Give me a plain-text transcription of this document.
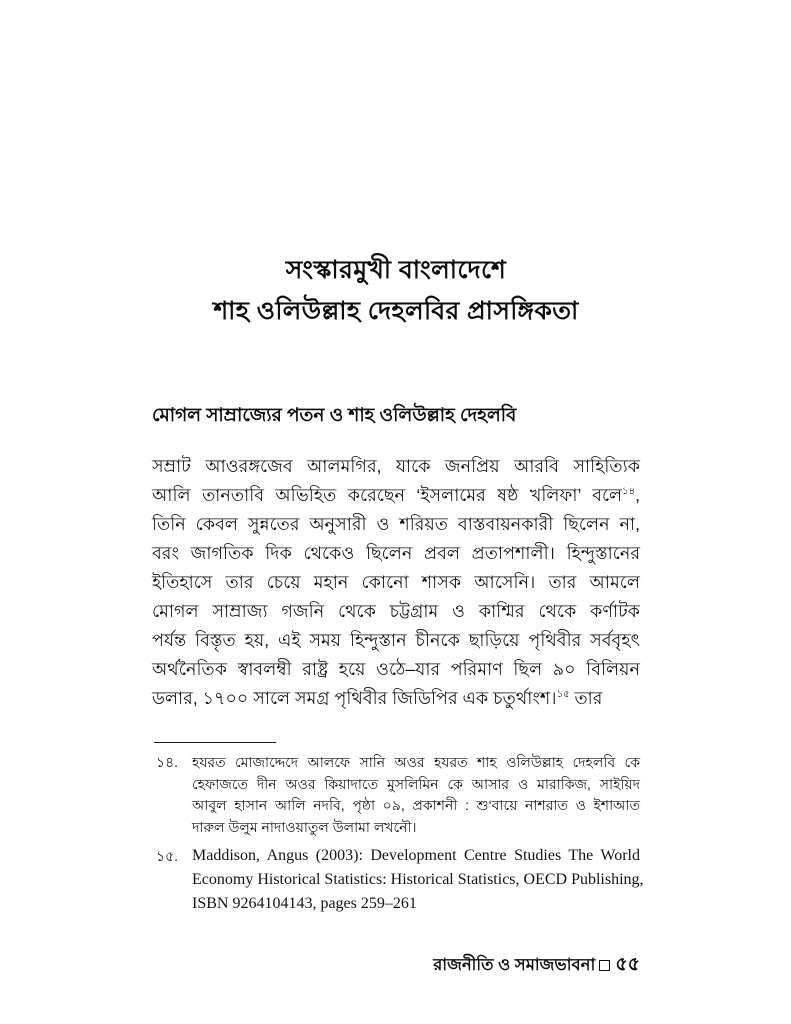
সংস্কারমুখী বাংলাদেশে
শাহ ওলিউল্লাহ দেহলবির প্রাসঙ্গিকতা
মোগল সাম্রাজ্যের পতন ও শাহ ওলিউল্লাহ দেহলবি
সম্রাট আওরঙ্গজেব আলমগির, যাকে জনপ্রিয় আরবি সাহিত্যিক
আলি তানতাবি অভিহিত করেছেন ‘ইসলামের ষষ্ঠ খলিফা’ বলে$^{১৪}$,
তিনি কেবল সুন্নতের অনুসারী ও শরিয়ত বাস্তবায়নকারী ছিলেন না,
বরং জাগতিক দিক থেকেও ছিলেন প্রবল প্রতাপশালী। হিন্দুস্তানের
ইতিহাসে তার চেয়ে মহান কোনো শাসক আসেনি। তার আমলে
মোগল সাম্রাজ্য গজনি থেকে চট্টগ্রাম ও কাশ্মির থেকে কর্ণাটক
পর্যন্ত বিস্তৃত হয়, এই সময় হিন্দুস্তান চীনকে ছাড়িয়ে পৃথিবীর সর্ববৃহৎ
অর্থনৈতিক স্বাবলম্বী রাষ্ট্র হয়ে ওঠে–যার পরিমাণ ছিল ৯০ বিলিয়ন
ডলার, ১৭০০ সালে সমগ্র পৃথিবীর জিডিপির এক চতুর্থাংশ।$^{১৫}$ তার
১৪. হযরত মোজাদ্দেদে আলফে সানি অওর হযরত শাহ ওলিউল্লাহ দেহলবি কে
হেফাজতে দীন অওর কিয়াদাতে মুসলিমিন কে আসার ও মারাকিজ, সাইয়িদ
আবুল হাসান আলি নদবি, পৃষ্ঠা ০৯, প্রকাশনী : শু‘বায়ে নাশরাত ও ইশাআত
দারুল উলুম নাদাওয়াতুল উলামা লখনৌ।
১৫. Maddison, Angus (2003): Development Centre Studies The World
Economy Historical Statistics: Historical Statistics, OECD Publishing,
ISBN 9264104143, pages 259–261
রাজনীতি ও সমাজভাবনা ৫৫
